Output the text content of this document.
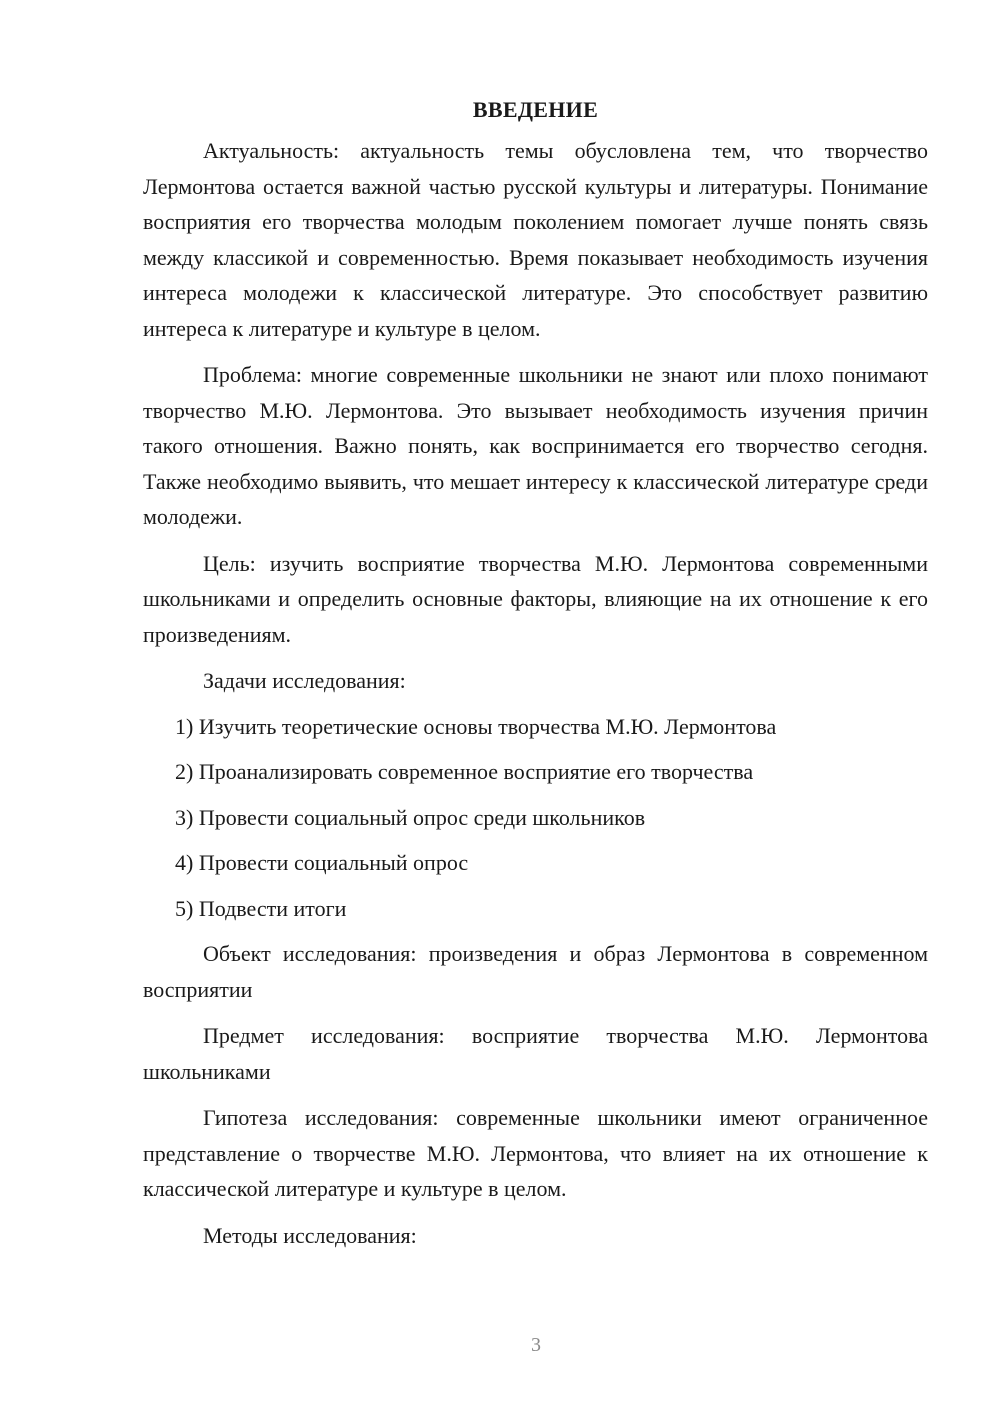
ВВЕДЕНИЕ

Актуальность: актуальность темы обусловлена тем, что творчество Лермонтова остается важной частью русской культуры и литературы. Понимание восприятия его творчества молодым поколением помогает лучше понять связь между классикой и современностью. Время показывает необходимость изучения интереса молодежи к классической литературе. Это способствует развитию интереса к литературе и культуре в целом.

Проблема: многие современные школьники не знают или плохо понимают творчество М.Ю. Лермонтова. Это вызывает необходимость изучения причин такого отношения. Важно понять, как воспринимается его творчество сегодня. Также необходимо выявить, что мешает интересу к классической литературе среди молодежи.

Цель: изучить восприятие творчества М.Ю. Лермонтова современными школьниками и определить основные факторы, влияющие на их отношение к его произведениям.

Задачи исследования:

1) Изучить теоретические основы творчества М.Ю. Лермонтова
2) Проанализировать современное восприятие его творчества
3) Провести социальный опрос среди школьников
4) Провести социальный опрос
5) Подвести итоги

Объект исследования: произведения и образ Лермонтова в современном восприятии

Предмет исследования: восприятие творчества М.Ю. Лермонтова школьниками

Гипотеза исследования: современные школьники имеют ограниченное представление о творчестве М.Ю. Лермонтова, что влияет на их отношение к классической литературе и культуре в целом.

Методы исследования:

3
